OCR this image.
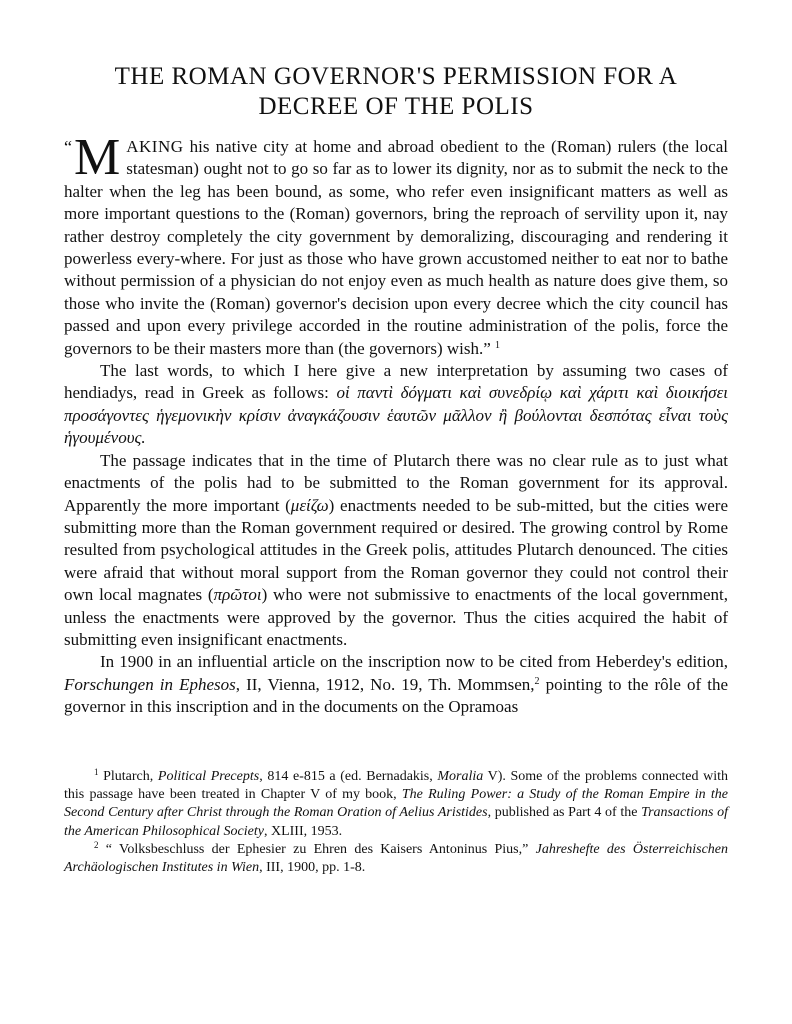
THE ROMAN GOVERNOR'S PERMISSION FOR A
DECREE OF THE POLIS

“ M AKING his native city at home and abroad obedient to the (Roman) rulers (the local statesman) ought not to go so far as to lower its dignity, nor as to submit the neck to the halter when the leg has been bound, as some, who refer even insignificant matters as well as more important questions to the (Roman) governors, bring the reproach of servility upon it, nay rather destroy completely the city government by demoralizing, discouraging and rendering it powerless every-where. For just as those who have grown accustomed neither to eat nor to bathe without permission of a physician do not enjoy even as much health as nature does give them, so those who invite the (Roman) governor's decision upon every decree which the city council has passed and upon every privilege accorded in the routine administration of the polis, force the governors to be their masters more than (the governors) wish.” $^1$

The last words, to which I here give a new interpretation by assuming two cases of hendiadys, read in Greek as follows: οἱ παντὶ δόγματι καὶ συνεδρίῳ καὶ χάριτι καὶ διοικήσει προσάγοντες ἡγεμονικὴν κρίσιν ἀναγκάζουσιν ἑαυτῶν μᾶλλον ἢ βούλονται δεσπότας εἶναι τοὺς ἡγουμένους.

The passage indicates that in the time of Plutarch there was no clear rule as to just what enactments of the polis had to be submitted to the Roman government for its approval. Apparently the more important (μείζω) enactments needed to be sub-mitted, but the cities were submitting more than the Roman government required or desired. The growing control by Rome resulted from psychological attitudes in the Greek polis, attitudes Plutarch denounced. The cities were afraid that without moral support from the Roman governor they could not control their own local magnates (πρῶτοι) who were not submissive to enactments of the local government, unless the enactments were approved by the governor. Thus the cities acquired the habit of submitting even insignificant enactments.

In 1900 in an influential article on the inscription now to be cited from Heberdey's edition, Forschungen in Ephesos, II, Vienna, 1912, No. 19, Th. Mommsen,$^2$ pointing to the rôle of the governor in this inscription and in the documents on the Opramoas

$^1$ Plutarch, Political Precepts, 814 e-815 a (ed. Bernadakis, Moralia V). Some of the problems connected with this passage have been treated in Chapter V of my book, The Ruling Power: a Study of the Roman Empire in the Second Century after Christ through the Roman Oration of Aelius Aristides, published as Part 4 of the Transactions of the American Philosophical Society, XLIII, 1953.

$^2$ “ Volksbeschluss der Ephesier zu Ehren des Kaisers Antoninus Pius,” Jahreshefte des Österreichischen Archäologischen Institutes in Wien, III, 1900, pp. 1-8.
